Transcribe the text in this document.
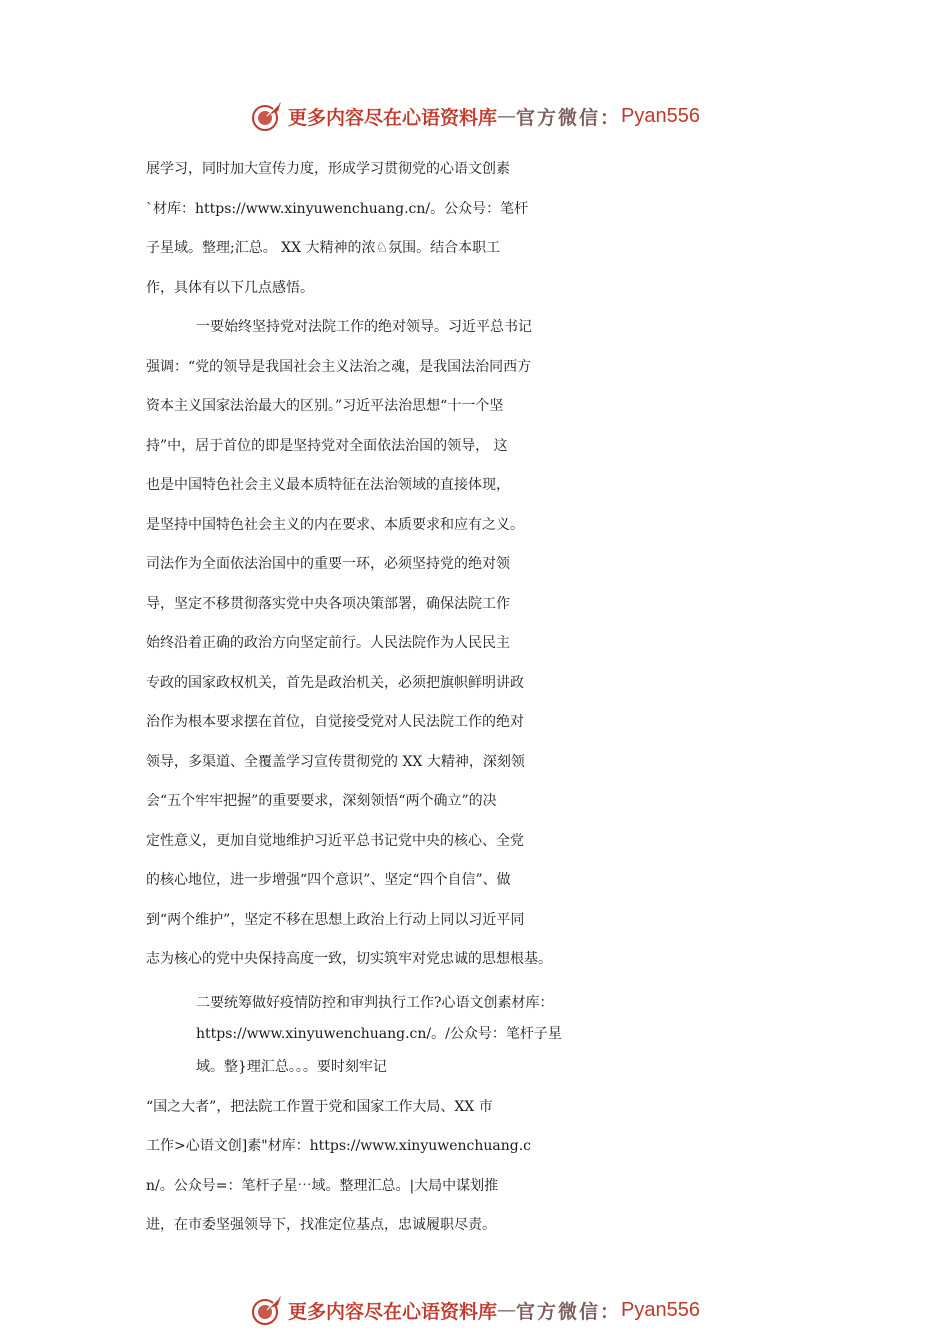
更多内容尽在心语资料库 — 官方微信： Pyan556
展学习，同时加大宣传力度，形成学习贯彻党的心语文创素
`材库：https://www.xinyuwenchuang.cn/。公众号：笔杆
子星域。整理;汇总。 XX 大精神的浓♘氛围。结合本职工
作，具体有以下几点感悟。
一要始终坚持党对法院工作的绝对领导。习近平总书记
强调：“党的领导是我国社会主义法治之魂，是我国法治同西方
资本主义国家法治最大的区别。”习近平法治思想“十一个坚
持”中，居于首位的即是坚持党对全面依法治国的领导， 这
也是中国特色社会主义最本质特征在法治领域的直接体现，
是坚持中国特色社会主义的内在要求、本质要求和应有之义。
司法作为全面依法治国中的重要一环，必须坚持党的绝对领
导，坚定不移贯彻落实党中央各项决策部署，确保法院工作
始终沿着正确的政治方向坚定前行。人民法院作为人民民主
专政的国家政权机关，首先是政治机关，必须把旗帜鲜明讲政
治作为根本要求摆在首位，自觉接受党对人民法院工作的绝对
领导，多渠道、全覆盖学习宣传贯彻党的 XX 大精神，深刻领
会“五个牢牢把握”的重要要求，深刻领悟“两个确立”的决
定性意义，更加自觉地维护习近平总书记党中央的核心、全党
的核心地位，进一步增强“四个意识”、坚定“四个自信”、做
到“两个维护”，坚定不移在思想上政治上行动上同以习近平同
志为核心的党中央保持高度一致，切实筑牢对党忠诚的思想根基。
二要统筹做好疫情防控和审判执行工作?心语文创素材库：
https://www.xinyuwenchuang.cn/。/公众号：笔杆子星
域。整}理汇总。。。要时刻牢记
“国之大者”，把法院工作置于党和国家工作大局、XX 市
工作>心语文创]素"材库：https://www.xinyuwenchuang.c
n/。公众号=：笔杆子星⋯域。整理汇总。|大局中谋划推
进，在市委坚强领导下，找准定位基点，忠诚履职尽责。
更多内容尽在心语资料库 — 官方微信： Pyan556
